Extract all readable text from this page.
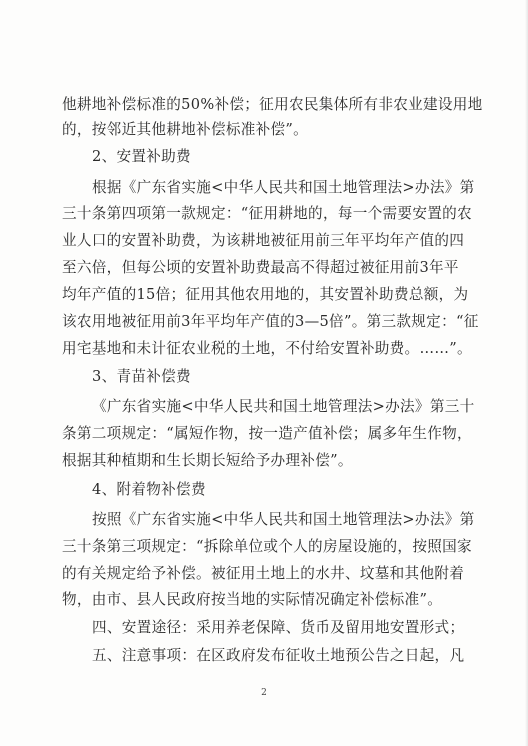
他耕地补偿标准的50%补偿；征用农民集体所有非农业建设用地
的，按邻近其他耕地补偿标准补偿”。
2、安置补助费
根据《广东省实施<中华人民共和国土地管理法>办法》第
三十条第四项第一款规定：“征用耕地的，每一个需要安置的农
业人口的安置补助费，为该耕地被征用前三年平均年产值的四
至六倍，但每公顷的安置补助费最高不得超过被征用前3年平
均年产值的15倍；征用其他农用地的，其安置补助费总额，为
该农用地被征用前3年平均年产值的3—5倍”。第三款规定：“征
用宅基地和未计征农业税的土地，不付给安置补助费。……”。
3、青苗补偿费
《广东省实施<中华人民共和国土地管理法>办法》第三十
条第二项规定：“属短作物，按一造产值补偿；属多年生作物，
根据其种植期和生长期长短给予办理补偿”。
4、附着物补偿费
按照《广东省实施<中华人民共和国土地管理法>办法》第
三十条第三项规定：“拆除单位或个人的房屋设施的，按照国家
的有关规定给予补偿。被征用土地上的水井、坟墓和其他附着
物，由市、县人民政府按当地的实际情况确定补偿标准”。
四、安置途径：采用养老保障、货币及留用地安置形式；
五、注意事项：在区政府发布征收土地预公告之日起，凡
2
